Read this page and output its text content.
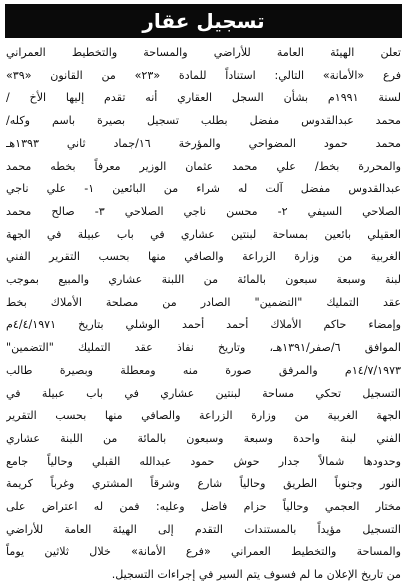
تسجيل عقار
تعلن الهيئة العامة للأراضي والمساحة والتخطيط العمراني
فرع «الأمانة» التالي: استناداً للمادة «٢٣» من القانون «٣٩»
لسنة ١٩٩١م بشأن السجل العقاري أنه تقدم إليها الأخ /
محمد عبدالقدوس مفضل بطلب تسجيل بصيرة باسم وكله/
محمد حمود المضواحي والمؤرخة ١٦/جماد ثاني ١٣٩٣هـ
والمحررة بخط/ علي محمد عثمان الوزير معرفاً بخطه محمد
عبدالقدوس مفضل آلت له شراء من البائعين ١- علي ناجي
الصلاحي السيفي ٢- محسن ناجي الصلاحي ٣- صالح محمد
العقيلي بائعين بمساحة لبنتين عشاري في باب عبيلة في الجهة
الغربية من وزارة الزراعة والصافي منها بحسب التقرير الفني
لبنة وسبعة سبعون بالمائة من اللبنة عشاري والمبيع بموجب
عقد التمليك "التضمين" الصادر من مصلحة الأملاك بخط
وإمضاء حاكم الأملاك أحمد أحمد الوشلي بتاريخ ٤/٤/١٩٧١م
الموافق ٦/صفر/١٣٩١هـ، وتاريخ نفاذ عقد التمليك "التضمين"
١٤/٧/١٩٧٣م والمرفق صورة منه ومعطلة وبصيرة طالب
التسجيل تحكي مساحة لبنتين عشاري في باب عبيلة في
الجهة الغربية من وزارة الزراعة والصافي منها بحسب التقرير
الفني لبنة واحدة وسبعة وسبعون بالمائة من اللبنة عشاري
وحدودها شمالاً جدار حوش حمود عبدالله القبلي وحالياً جامع
النور وجنوباً الطريق وحالياً شارع وشرقاً المشتري وغرباً كريمة
مختار العجمي وحالياً حزام فاضل وعليه: فمن له اعتراض على
التسجيل مؤيداً بالمستندات التقدم إلى الهيئة العامة للأراضي
والمساحة والتخطيط العمراني «فرع الأمانة» خلال ثلاثين يوماً
من تاريخ الإعلان ما لم فسوف يتم السير في إجراءات التسجيل.
